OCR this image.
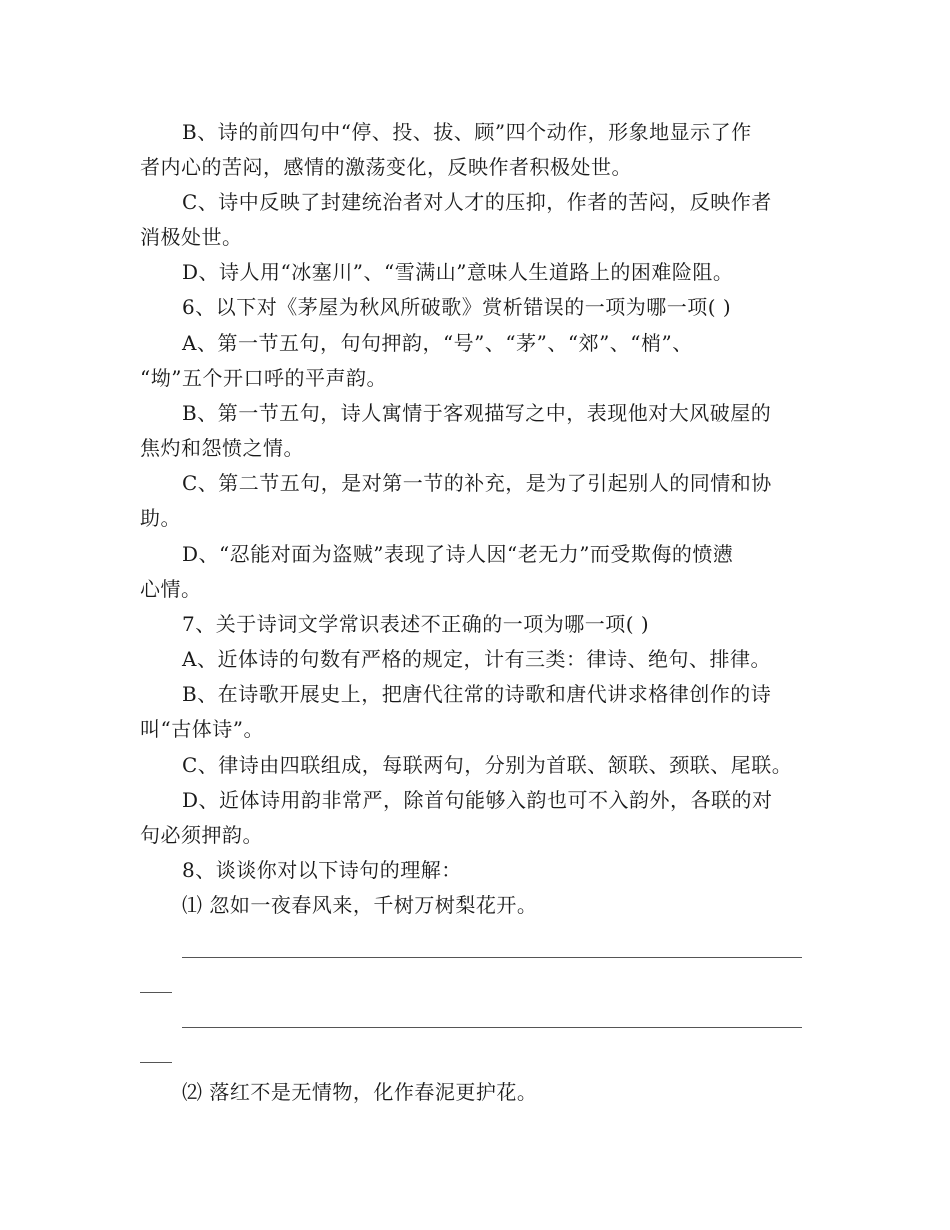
B、诗的前四句中“停、投、拔、顾”四个动作，形象地显示了作
者内心的苦闷，感情的激荡变化，反映作者积极处世。
C、诗中反映了封建统治者对人才的压抑，作者的苦闷，反映作者
消极处世。
D、诗人用“冰塞川”、“雪满山”意味人生道路上的困难险阻。
6、以下对《茅屋为秋风所破歌》赏析错误的一项为哪一项( )
A、第一节五句，句句押韵，“号”、“茅”、“郊”、“梢”、
“坳”五个开口呼的平声韵。
B、第一节五句，诗人寓情于客观描写之中，表现他对大风破屋的
焦灼和怨愤之情。
C、第二节五句，是对第一节的补充，是为了引起别人的同情和协
助。
D、“忍能对面为盗贼”表现了诗人因“老无力”而受欺侮的愤懑
心情。
7、关于诗词文学常识表述不正确的一项为哪一项( )
A、近体诗的句数有严格的规定，计有三类：律诗、绝句、排律。
B、在诗歌开展史上，把唐代往常的诗歌和唐代讲求格律创作的诗
叫“古体诗”。
C、律诗由四联组成，每联两句，分别为首联、颔联、颈联、尾联。
D、近体诗用韵非常严，除首句能够入韵也可不入韵外，各联的对
句必须押韵。
8、谈谈你对以下诗句的理解：
⑴ 忽如一夜春风来，千树万树梨花开。
⑵ 落红不是无情物，化作春泥更护花。
